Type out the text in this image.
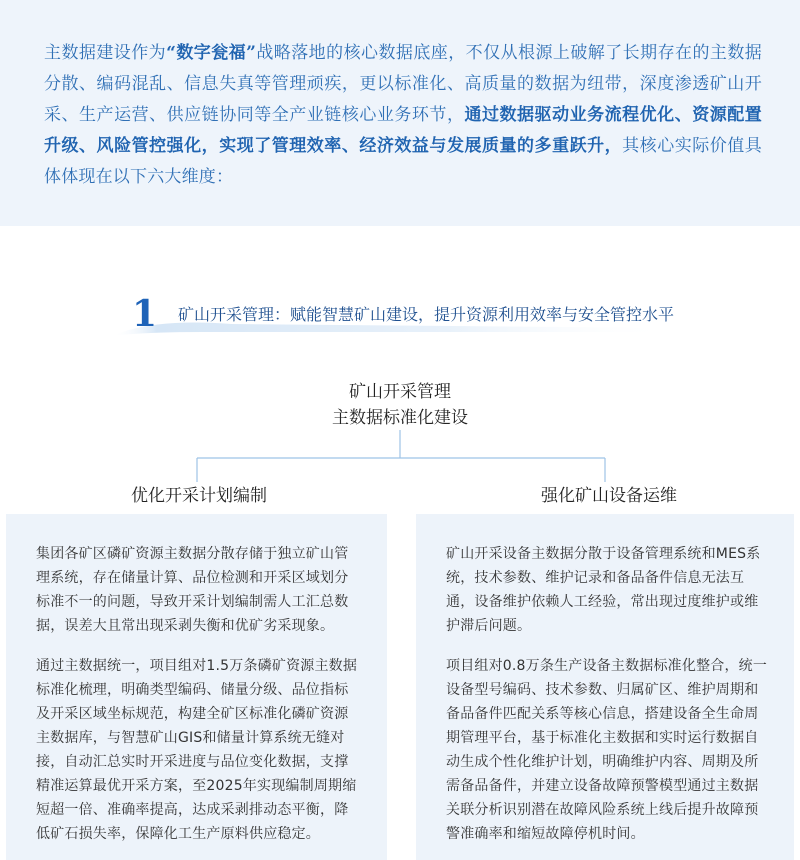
主数据建设作为“数字瓮福”战略落地的核心数据底座，不仅从根源上破解了长期存在的主数据分散、编码混乱、信息失真等管理顽疾，更以标准化、高质量的数据为纽带，深度渗透矿山开采、生产运营、供应链协同等全产业链核心业务环节，通过数据驱动业务流程优化、资源配置升级、风险管控强化，实现了管理效率、经济效益与发展质量的多重跃升，其核心实际价值具体体现在以下六大维度：

1 矿山开采管理：赋能智慧矿山建设，提升资源利用效率与安全管控水平
矿山开采管理
主数据标准化建设
优化开采计划编制	强化矿山设备运维

集团各矿区磷矿资源主数据分散存储于独立矿山管理系统，存在储量计算、品位检测和开采区域划分标准不一的问题，导致开采计划编制需人工汇总数据，误差大且常出现采剥失衡和优矿劣采现象。

通过主数据统一，项目组对1.5万条磷矿资源主数据标准化梳理，明确类型编码、储量分级、品位指标及开采区域坐标规范，构建全矿区标准化磷矿资源主数据库，与智慧矿山GIS和储量计算系统无缝对接，自动汇总实时开采进度与品位变化数据，支撑精准运算最优开采方案，至2025年实现编制周期缩短超一倍、准确率提高，达成采剥排动态平衡，降低矿石损失率，保障化工生产原料供应稳定。

矿山开采设备主数据分散于设备管理系统和MES系统，技术参数、维护记录和备品备件信息无法互通，设备维护依赖人工经验，常出现过度维护或维护滞后问题。

项目组对0.8万条生产设备主数据标准化整合，统一设备型号编码、技术参数、归属矿区、维护周期和备品备件匹配关系等核心信息，搭建设备全生命周期管理平台，基于标准化主数据和实时运行数据自动生成个性化维护计划，明确维护内容、周期及所需备品备件，并建立设备故障预警模型通过主数据关联分析识别潜在故障风险系统上线后提升故障预警准确率和缩短故障停机时间。
